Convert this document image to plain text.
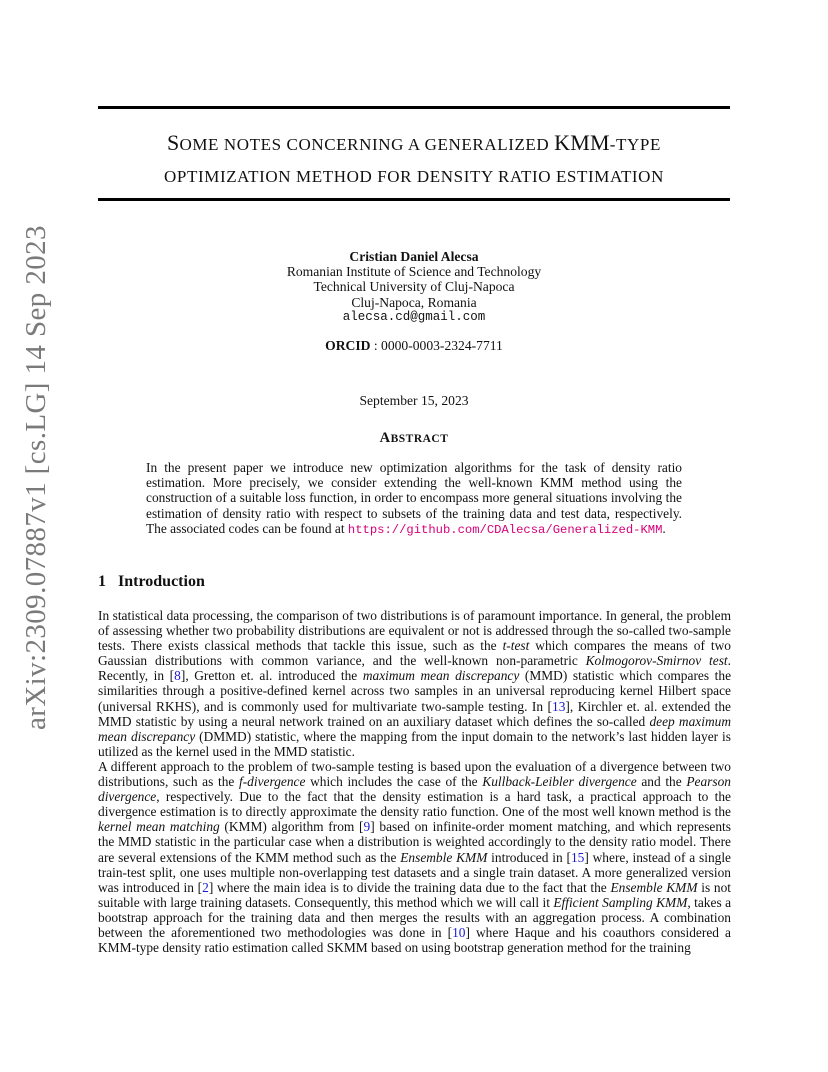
arXiv:2309.07887v1 [cs.LG] 14 Sep 2023
SOME NOTES CONCERNING A GENERALIZED KMM-TYPE
OPTIMIZATION METHOD FOR DENSITY RATIO ESTIMATION
Cristian Daniel Alecsa
Romanian Institute of Science and Technology
Technical University of Cluj-Napoca
Cluj-Napoca, Romania
alecsa.cd@gmail.com
ORCID : 0000-0003-2324-7711
September 15, 2023
ABSTRACT
In the present paper we introduce new optimization algorithms for the task of density ratio estimation. More precisely, we consider extending the well-known KMM method using the construction of a suitable loss function, in order to encompass more general situations involving the estimation of density ratio with respect to subsets of the training data and test data, respectively. The associated codes can be found at https://github.com/CDAlecsa/Generalized-KMM.
1 Introduction

In statistical data processing, the comparison of two distributions is of paramount importance. In general, the problem of assessing whether two probability distributions are equivalent or not is addressed through the so-called two-sample tests. There exists classical methods that tackle this issue, such as the t-test which compares the means of two Gaussian distributions with common variance, and the well-known non-parametric Kolmogorov-Smirnov test. Recently, in [8], Gretton et. al. introduced the maximum mean discrepancy (MMD) statistic which compares the similarities through a positive-defined kernel across two samples in an universal reproducing kernel Hilbert space (universal RKHS), and is commonly used for multivariate two-sample testing. In [13], Kirchler et. al. extended the MMD statistic by using a neural network trained on an auxiliary dataset which defines the so-called deep maximum mean discrepancy (DMMD) statistic, where the mapping from the input domain to the network’s last hidden layer is utilized as the kernel used in the MMD statistic.

A different approach to the problem of two-sample testing is based upon the evaluation of a divergence between two distributions, such as the f-divergence which includes the case of the Kullback-Leibler divergence and the Pearson divergence, respectively. Due to the fact that the density estimation is a hard task, a practical approach to the divergence estimation is to directly approximate the density ratio function. One of the most well known method is the kernel mean matching (KMM) algorithm from [9] based on infinite-order moment matching, and which represents the MMD statistic in the particular case when a distribution is weighted accordingly to the density ratio model. There are several extensions of the KMM method such as the Ensemble KMM introduced in [15] where, instead of a single train-test split, one uses multiple non-overlapping test datasets and a single train dataset. A more generalized version was introduced in [2] where the main idea is to divide the training data due to the fact that the Ensemble KMM is not suitable with large training datasets. Consequently, this method which we will call it Efficient Sampling KMM, takes a bootstrap approach for the training data and then merges the results with an aggregation process. A combination between the aforementioned two methodologies was done in [10] where Haque and his coauthors considered a KMM-type density ratio estimation called SKMM based on using bootstrap generation method for the training
